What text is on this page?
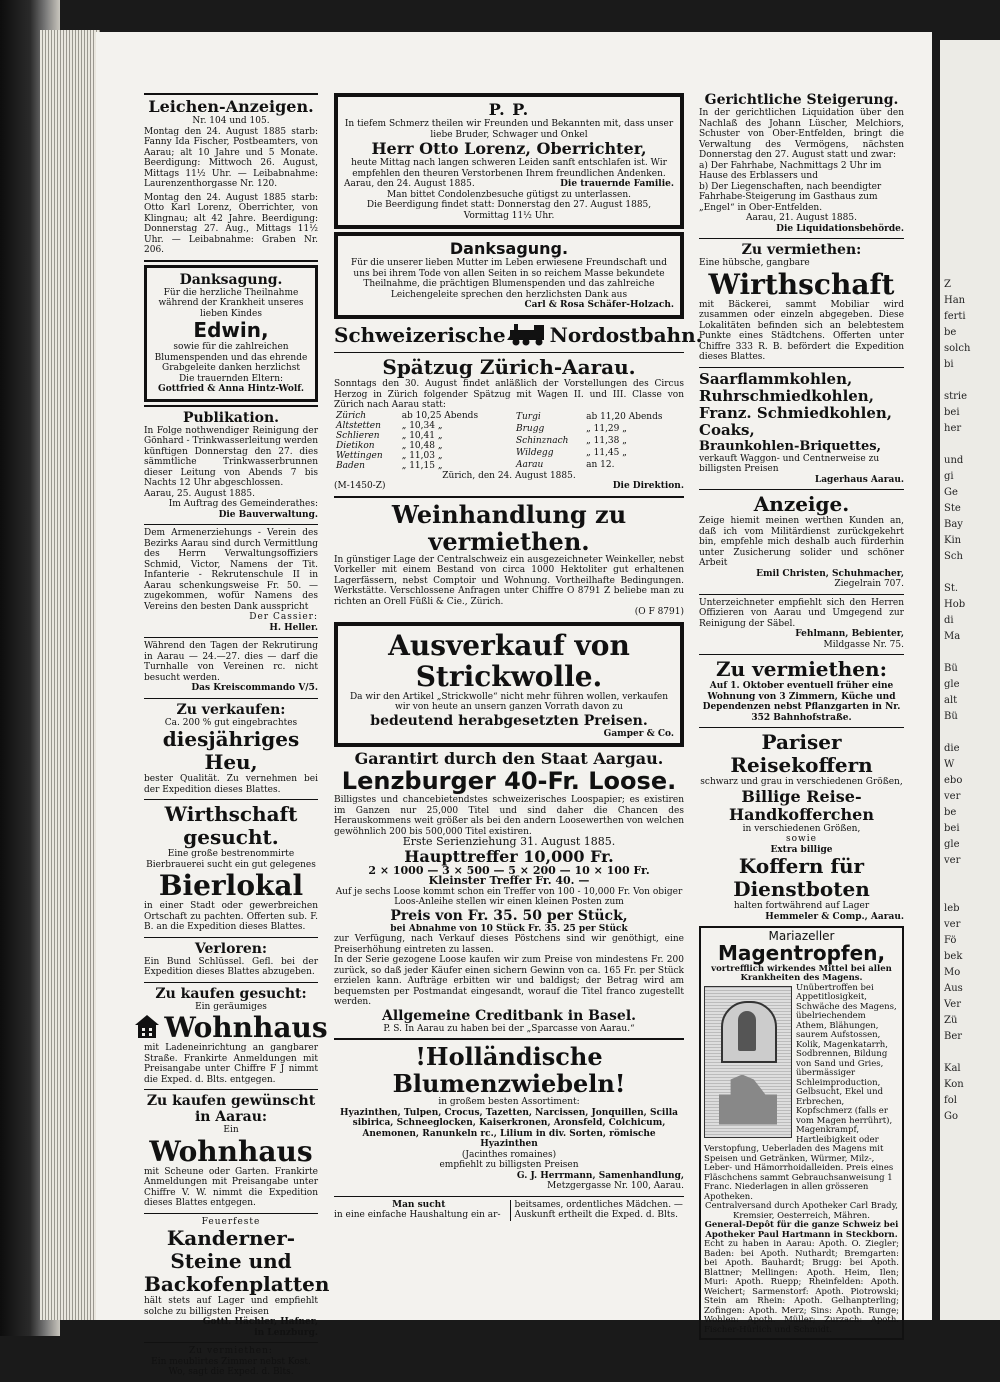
Leichen-Anzeigen.
Nr. 104 und 105.
Montag den 24. August 1885 starb: Fanny Ida Fischer, Postbeamters, von Aarau; alt 10 Jahre und 5 Monate. Beerdigung: Mittwoch 26. August, Mittags 11½ Uhr. — Leibabnahme: Laurenzenthorgasse Nr. 120.
Montag den 24. August 1885 starb: Otto Karl Lorenz, Oberrichter, von Klingnau; alt 42 Jahre. Beerdigung: Donnerstag 27. Aug., Mittags 11½ Uhr. — Leibabnahme: Graben Nr. 206.
Danksagung.
Für die herzliche Theilnahme während der Krankheit unseres lieben Kindes
Edwin,
sowie für die zahlreichen Blumenspenden und das ehrende Grabgeleite danken herzlichst
Die trauernden Eltern:
Gottfried & Anna Hintz-Wolf.
Publikation.
In Folge nothwendiger Reinigung der Gönhard - Trinkwasserleitung werden künftigen Donnerstag den 27. dies sämmtliche Trinkwasserbrunnen dieser Leitung von Abends 7 bis Nachts 12 Uhr abgeschlossen.
Aarau, 25. August 1885.
Im Auftrag des Gemeinderathes:
Die Bauverwaltung.
Dem Armenerziehungs - Verein des Bezirks Aarau sind durch Vermittlung des Herrn Verwaltungsoffiziers Schmid, Victor, Namens der Tit. Infanterie - Rekrutenschule II in Aarau schenkungsweise Fr. 50. — zugekommen, wofür Namens des Vereins den besten Dank ausspricht
Der Cassier:
H. Heller.
Während den Tagen der Rekrutirung in Aarau — 24.—27. dies — darf die Turnhalle von Vereinen rc. nicht besucht werden.
Das Kreiscommando V/5.
Zu verkaufen:
Ca. 200 % gut eingebrachtes
diesjähriges Heu,
bester Qualität. Zu vernehmen bei der Expedition dieses Blattes.
Wirthschaft gesucht.
Eine große bestrenommirte Bierbrauerei sucht ein gut gelegenes
Bierlokal
in einer Stadt oder gewerbreichen Ortschaft zu pachten. Offerten sub. F. B. an die Expedition dieses Blattes.
Verloren:
Ein Bund Schlüssel. Gefl. bei der Expedition dieses Blattes abzugeben.
Zu kaufen gesucht:
Ein geräumiges
Wohnhaus
mit Ladeneinrichtung an gangbarer Straße. Frankirte Anmeldungen mit Preisangabe unter Chiffre F J nimmt die Exped. d. Blts. entgegen.
Zu kaufen gewünscht in Aarau:
Ein
Wohnhaus
mit Scheune oder Garten. Frankirte Anmeldungen mit Preisangabe unter Chiffre V. W. nimmt die Expedition dieses Blattes entgegen.
Feuerfeste
Kanderner-Steine und Backofenplatten
hält stets auf Lager und empfiehlt solche zu billigsten Preisen
Gottl. Hächler, Hafner,
in Lenzburg.
Zu vermiethen:
Ein meublirtes Zimmer nebst Kost. Wo, sagt die Exped. d. Blts.
P. P.
In tiefem Schmerz theilen wir Freunden und Bekannten mit, dass unser liebe Bruder, Schwager und Onkel
Herr Otto Lorenz, Oberrichter,
heute Mittag nach langen schweren Leiden sanft entschlafen ist. Wir empfehlen den theuren Verstorbenen Ihrem freundlichen Andenken.
Aarau, den 24. August 1885.	Die trauernde Familie.
Man bittet Condolenzbesuche gütigst zu unterlassen.
Die Beerdigung findet statt: Donnerstag den 27. August 1885, Vormittag 11½ Uhr.
Danksagung.
Für die unserer lieben Mutter im Leben erwiesene Freundschaft und uns bei ihrem Tode von allen Seiten in so reichem Masse bekundete Theilnahme, die prächtigen Blumenspenden und das zahlreiche Leichengeleite sprechen den herzlichsten Dank aus
Carl & Rosa Schäfer-Holzach.
Schweizerische Nordostbahn.
Spätzug Zürich-Aarau.
Sonntags den 30. August findet anläßlich der Vorstellungen des Circus Herzog in Zürich folgender Spätzug mit Wagen II. und III. Classe von Zürich nach Aarau statt:
Zürich	ab 10,25 Abends
Altstetten	„ 10,34 „
Schlieren	„ 10,41 „
Dietikon	„ 10,48 „
Wettingen	„ 11,03 „
Baden	„ 11,15 „
Turgi	ab 11,20 Abends
Brugg	„ 11,29 „
Schinznach	„ 11,38 „
Wildegg	„ 11,45 „
Aarau	an 12.
Zürich, den 24. August 1885.
(M-1450-Z)	Die Direktion.
Weinhandlung zu vermiethen.
In günstiger Lage der Centralschweiz ein ausgezeichneter Weinkeller, nebst Vorkeller mit einem Bestand von circa 1000 Hektoliter gut erhaltenen Lagerfässern, nebst Comptoir und Wohnung. Vortheilhafte Bedingungen. Werkstätte. Verschlossene Anfragen unter Chiffre O 8791 Z beliebe man zu richten an Orell Füßli & Cie., Zürich.
(O F 8791)
Ausverkauf von Strickwolle.
Da wir den Artikel „Strickwolle“ nicht mehr führen wollen, verkaufen wir von heute an unsern ganzen Vorrath davon zu
bedeutend herabgesetzten Preisen.
Gamper & Co.
Garantirt durch den Staat Aargau.
Lenzburger 40-Fr. Loose.
Billigstes und chancebietendstes schweizerisches Loospapier; es existiren im Ganzen nur 25,000 Titel und sind daher die Chancen des Herauskommens weit größer als bei den andern Loosewerthen von welchen gewöhnlich 200 bis 500,000 Titel existiren.
Erste Serienziehung 31. August 1885.
Haupttreffer 10,000 Fr.
2 × 1000 — 3 × 500 — 5 × 200 — 10 × 100 Fr.
Kleinster Treffer Fr. 40. —
Auf je sechs Loose kommt schon ein Treffer von 100 - 10,000 Fr. Von obiger Loos-Anleihe stellen wir einen kleinen Posten zum
Preis von Fr. 35. 50 per Stück,
bei Abnahme von 10 Stück Fr. 35. 25 per Stück
zur Verfügung, nach Verkauf dieses Pöstchens sind wir genöthigt, eine Preiserhöhung eintreten zu lassen.
In der Serie gezogene Loose kaufen wir zum Preise von mindestens Fr. 200 zurück, so daß jeder Käufer einen sichern Gewinn von ca. 165 Fr. per Stück erzielen kann. Aufträge erbitten wir und baldigst; der Betrag wird am bequemsten per Postmandat eingesandt, worauf die Titel franco zugestellt werden.
Allgemeine Creditbank in Basel.
P. S. In Aarau zu haben bei der „Sparcasse von Aarau.“
!Holländische Blumenzwiebeln!
in großem besten Assortiment:
Hyazinthen, Tulpen, Crocus, Tazetten, Narcissen, Jonquillen, Scilla sibirica, Schneeglocken, Kaiserkronen, Aronsfeld, Colchicum, Anemonen, Ranunkeln rc., Lilium in div. Sorten, römische Hyazinthen
(Jacinthes romaines)
empfiehlt zu billigsten Preisen
G. J. Herrmann, Samenhandlung,
Metzgergasse Nr. 100, Aarau.
Man sucht
in eine einfache Haushaltung ein ar-
beitsames, ordentliches Mädchen. — Auskunft ertheilt die Exped. d. Blts.
Gerichtliche Steigerung.
In der gerichtlichen Liquidation über den Nachlaß des Johann Lüscher, Melchiors, Schuster von Ober-Entfelden, bringt die Verwaltung des Vermögens, nächsten Donnerstag den 27. August statt und zwar:
a) Der Fahrhabe, Nachmittags 2 Uhr im Hause des Erblassers und
b) Der Liegenschaften, nach beendigter Fahrhabe-Steigerung im Gasthaus zum „Engel“ in Ober-Entfelden.
Aarau, 21. August 1885.
Die Liquidationsbehörde.
Zu vermiethen:
Eine hübsche, gangbare
Wirthschaft
mit Bäckerei, sammt Mobiliar wird zusammen oder einzeln abgegeben. Diese Lokalitäten befinden sich an belebtestem Punkte eines Städtchens. Offerten unter Chiffre 333 R. B. befördert die Expedition dieses Blattes.
Saarflammkohlen,
Ruhrschmiedkohlen,
Franz. Schmiedkohlen,
Coaks,
Braunkohlen-Briquettes,
verkauft Waggon- und Centnerweise zu billigsten Preisen
Lagerhaus Aarau.
Anzeige.
Zeige hiemit meinen werthen Kunden an, daß ich vom Militärdienst zurückgekehrt bin, empfehle mich deshalb auch fürderhin unter Zusicherung solider und schöner Arbeit
Emil Christen, Schuhmacher,
Ziegelrain 707.
Unterzeichneter empfiehlt sich den Herren Offizieren von Aarau und Umgegend zur Reinigung der Säbel.
Fehlmann, Bebienter,
Mildgasse Nr. 75.
Zu vermiethen:
Auf 1. Oktober eventuell früher eine Wohnung von 3 Zimmern, Küche und Dependenzen nebst Pflanzgarten in Nr. 352 Bahnhofstraße.
Pariser Reisekoffern
schwarz und grau in verschiedenen Größen,
Billige Reise-Handkofferchen
in verschiedenen Größen,
sowie
Extra billige
Koffern für Dienstboten
halten fortwährend auf Lager
Hemmeler & Comp., Aarau.
Mariazeller
Magentropfen,
vortrefflich wirkendes Mittel bei allen Krankheiten des Magens.
Unübertroffen bei Appetitlosigkeit, Schwäche des Magens, übelriechendem Athem, Blähungen, saurem Aufstossen, Kolik, Magenkatarrh, Sodbrennen, Bildung von Sand und Gries, übermässiger Schleimproduction, Gelbsucht, Ekel und Erbrechen, Kopfschmerz (falls er vom Magen herrührt), Magenkrampf, Hartleibigkeit oder Verstopfung, Ueberladen des Magens mit Speisen und Getränken, Würmer, Milz-, Leber- und Hämorrhoidalleiden. Preis eines Fläschchens sammt Gebrauchsanweisung 1 Franc. Niederlagen in allen grösseren Apotheken.
Centralversand durch Apotheker Carl Brady, Kremsier, Oesterreich, Mähren.
General-Depôt für die ganze Schweiz bei Apotheker Paul Hartmann in Steckborn.
Echt zu haben in Aarau: Apoth. O. Ziegler; Baden: bei Apoth. Nuthardt; Bremgarten: bei Apoth. Bauhardt; Brugg: bei Apoth. Blattner; Mellingen: Apoth. Heim, Ilen; Muri: Apoth. Ruepp; Rheinfelden: Apoth. Weichert; Sarmenstorf: Apoth. Piotrowski; Stein am Rhein: Apoth. Gelhanpterling; Zofingen: Apoth. Merz; Sins: Apoth. Runge; Wohlen: Apoth. Müller; Zurzach: Apoth. Fischer-Hürlich und Schmidt.
Z
Han
ferti
be
solch
bi
strie
bei
her
und
gi
Ge
Ste
Bay
Kin
Sch
St.
Hob
di
Ma
Bü
gle
alt
Bü
die
W
ebo
ver
be
bei
gle
ver
leb
ver
Fö
bek
Mo
Aus
Ver
Zü
Ber
Kal
Kon
fol
Go
